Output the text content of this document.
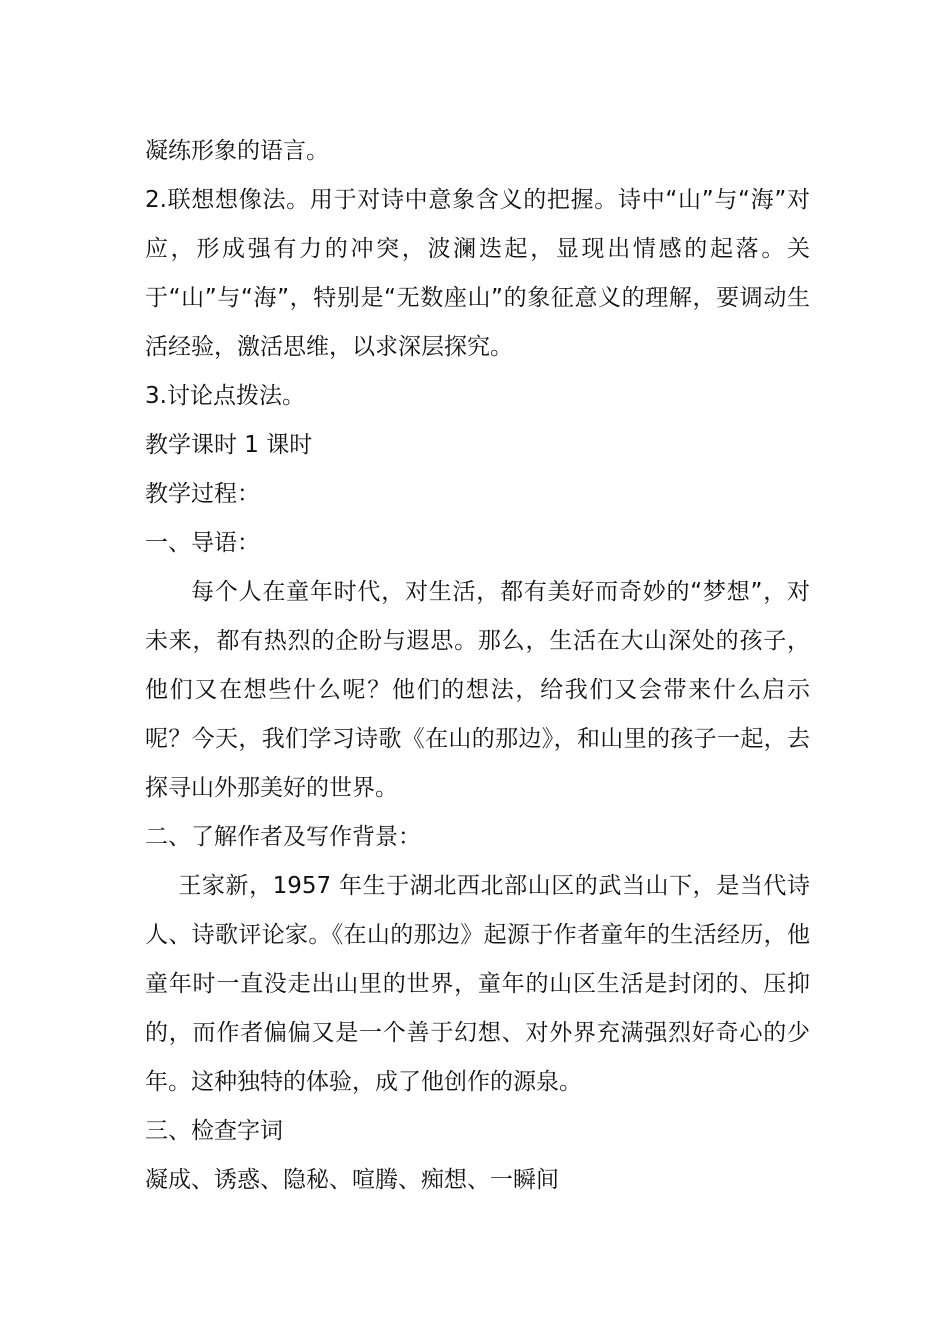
凝练形象的语言。

2.联想想像法。用于对诗中意象含义的把握。诗中“山”与“海”对应，形成强有力的冲突，波澜迭起，显现出情感的起落。关于“山”与“海”，特别是“无数座山”的象征意义的理解，要调动生活经验，激活思维，以求深层探究。

3.讨论点拨法。

教学课时 1 课时

教学过程：

一、导语：

每个人在童年时代，对生活，都有美好而奇妙的“梦想”，对未来，都有热烈的企盼与遐思。那么，生活在大山深处的孩子，他们又在想些什么呢？他们的想法，给我们又会带来什么启示呢？今天，我们学习诗歌《在山的那边》，和山里的孩子一起，去探寻山外那美好的世界。

二、了解作者及写作背景：

王家新，1957 年生于湖北西北部山区的武当山下，是当代诗人、诗歌评论家。《在山的那边》起源于作者童年的生活经历，他童年时一直没走出山里的世界，童年的山区生活是封闭的、压抑的，而作者偏偏又是一个善于幻想、对外界充满强烈好奇心的少年。这种独特的体验，成了他创作的源泉。

三、检查字词

凝成、诱惑、隐秘、喧腾、痴想、一瞬间
